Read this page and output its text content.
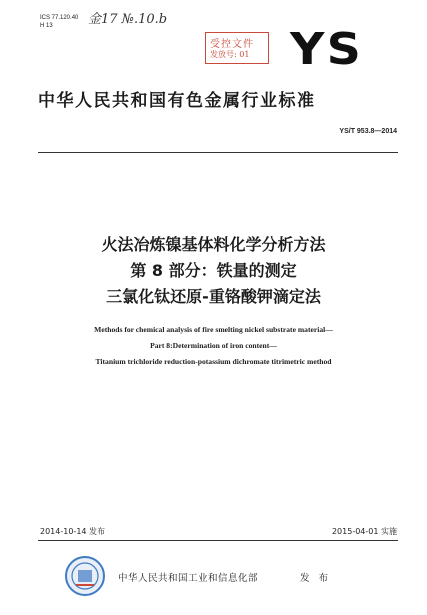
ICS 77.120.40
H 13	金17 №.10.b
受控文件
发放号: 01 YS
中华人民共和国有色金属行业标准
YS/T 953.8—2014
火法冶炼镍基体料化学分析方法
第 8 部分：铁量的测定
三氯化钛还原-重铬酸钾滴定法
Methods for chemical analysis of fire smelting nickel substrate material—
Part 8:Determination of iron content—
Titanium trichloride reduction-potassium dichromate titrimetric method
2014-10-14 发布	2015-04-01 实施
中华人民共和国工业和信息化部	发 布
